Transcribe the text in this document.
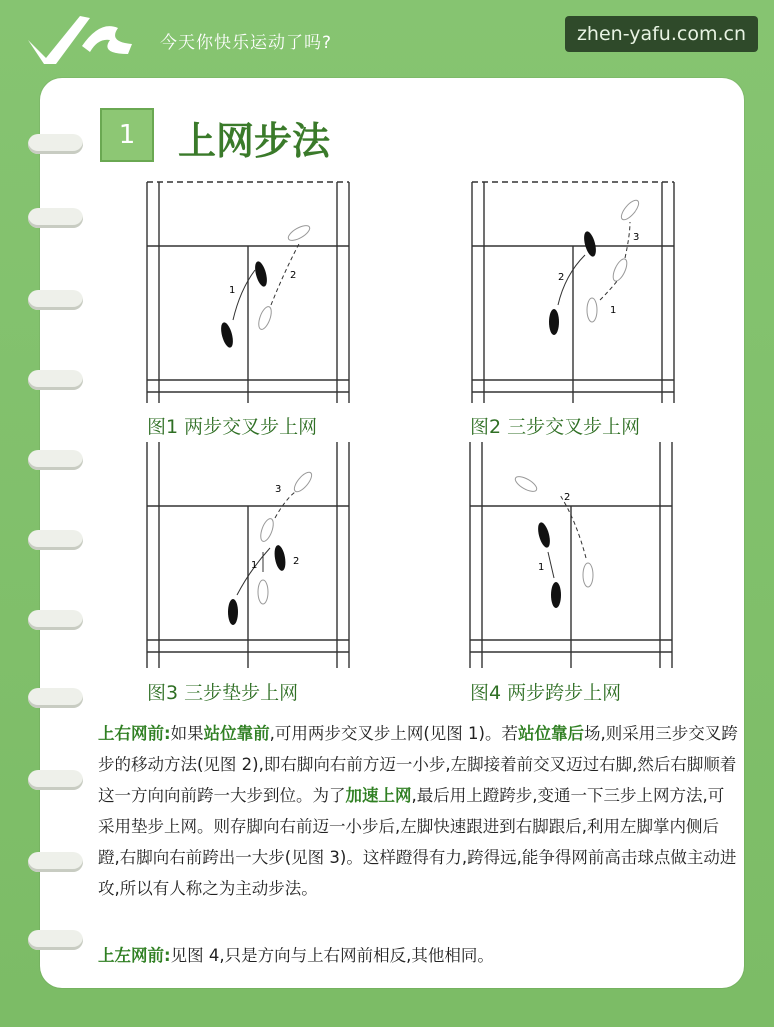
今天你快乐运动了吗?	zhen-yafu.com.cn
1	上网步法
1
2
图1 两步交叉步上网
2
1
3
图2 三步交叉步上网
1	2
3
图3 三步垫步上网
1
2
图4 两步跨步上网

上右网前:如果站位靠前,可用两步交叉步上网(见图 1)。若站位靠后场,则采用三步交叉跨步的移动方法(见图 2),即右脚向右前方迈一小步,左脚接着前交叉迈过右脚,然后右脚顺着这一方向向前跨一大步到位。为了加速上网,最后用上蹬跨步,变通一下三步上网方法,可采用垫步上网。则存脚向右前迈一小步后,左脚快速跟进到右脚跟后,利用左脚掌内侧后蹬,右脚向右前跨出一大步(见图 3)。这样蹬得有力,跨得远,能争得网前高击球点做主动进攻,所以有人称之为主动步法。

上左网前:见图 4,只是方向与上右网前相反,其他相同。
